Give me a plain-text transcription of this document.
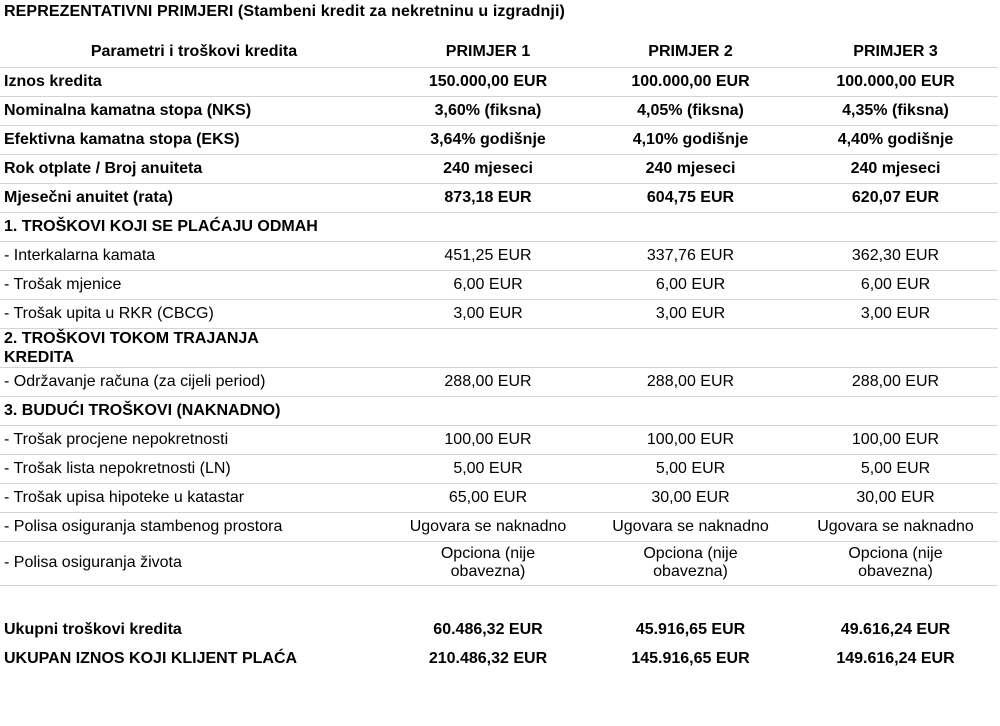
REPREZENTATIVNI PRIMJERI (Stambeni kredit za nekretninu u izgradnji)
Parametri i troškovi kredita	PRIMJER 1	PRIMJER 2	PRIMJER 3
Iznos kredita	150.000,00 EUR	100.000,00 EUR	100.000,00 EUR
Nominalna kamatna stopa (NKS)	3,60% (fiksna)	4,05% (fiksna)	4,35% (fiksna)
Efektivna kamatna stopa (EKS)	3,64% godišnje	4,10% godišnje	4,40% godišnje
Rok otplate / Broj anuiteta	240 mjeseci	240 mjeseci	240 mjeseci
Mjesečni anuitet (rata)	873,18 EUR	604,75 EUR	620,07 EUR
1. TROŠKOVI KOJI SE PLAĆAJU ODMAH			
- Interkalarna kamata	451,25 EUR	337,76 EUR	362,30 EUR
- Trošak mjenice	6,00 EUR	6,00 EUR	6,00 EUR
- Trošak upita u RKR (CBCG)	3,00 EUR	3,00 EUR	3,00 EUR
2. TROŠKOVI TOKOM TRAJANJA
KREDITA			
- Održavanje računa (za cijeli period)	288,00 EUR	288,00 EUR	288,00 EUR
3. BUDUĆI TROŠKOVI (NAKNADNO)			
- Trošak procjene nepokretnosti	100,00 EUR	100,00 EUR	100,00 EUR
- Trošak lista nepokretnosti (LN)	5,00 EUR	5,00 EUR	5,00 EUR
- Trošak upisa hipoteke u katastar	65,00 EUR	30,00 EUR	30,00 EUR
- Polisa osiguranja stambenog prostora	Ugovara se naknadno	Ugovara se naknadno	Ugovara se naknadno
- Polisa osiguranja života	Opciona (nije
obavezna)	Opciona (nije
obavezna)	Opciona (nije
obavezna)

Ukupni troškovi kredita	60.486,32 EUR	45.916,65 EUR	49.616,24 EUR
UKUPAN IZNOS KOJI KLIJENT PLAĆA	210.486,32 EUR	145.916,65 EUR	149.616,24 EUR
